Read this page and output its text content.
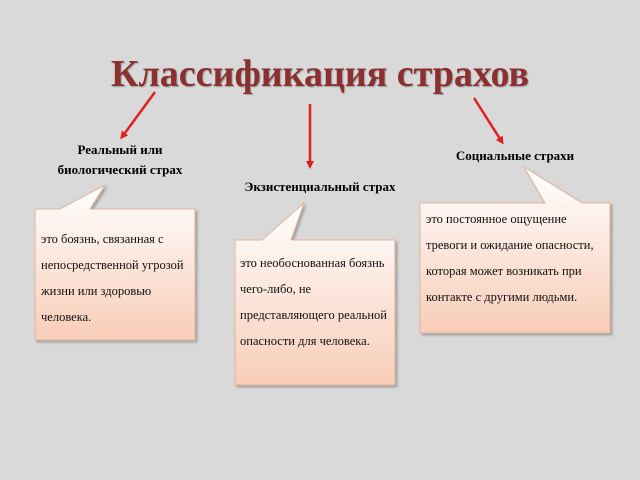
Классификация страхов
Реальный или
биологический страх
Экзистенциальный страх
Социальные страхи
это боязнь, связанная с непосредственной угрозой жизни или здоровью человека.
это необоснованная боязнь чего-либо, не представляющего реальной опасности для человека.
это постоянное ощущение тревоги и ожидание опасности, которая может возникать при контакте с другими людьми.
